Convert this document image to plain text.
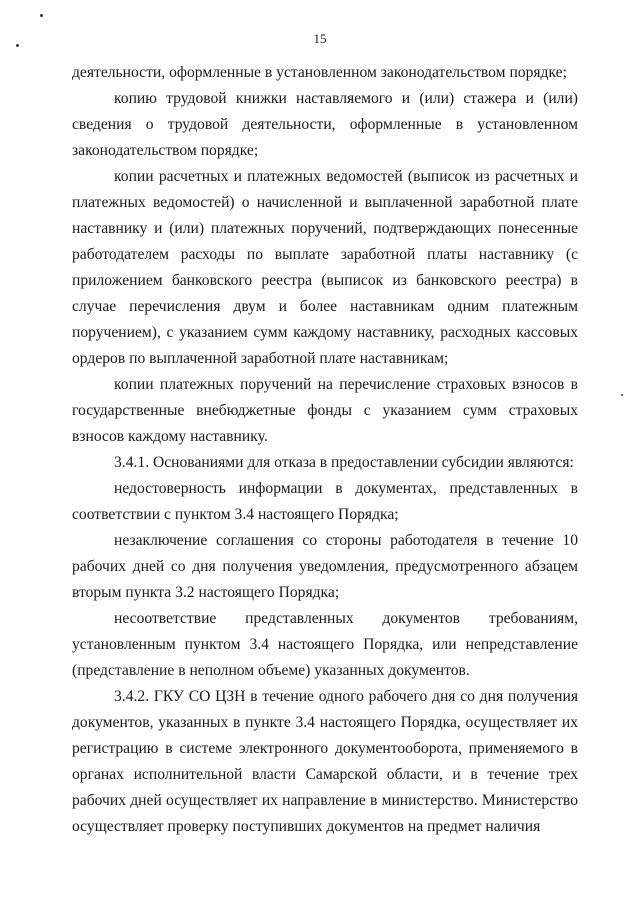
15

деятельности, оформленные в установленном законодательством порядке;

копию трудовой книжки наставляемого и (или) стажера и (или) сведения о трудовой деятельности, оформленные в установленном законодательством порядке;

копии расчетных и платежных ведомостей (выписок из расчетных и платежных ведомостей) о начисленной и выплаченной заработной плате наставнику и (или) платежных поручений, подтверждающих понесенные работодателем расходы по выплате заработной платы наставнику (с приложением банковского реестра (выписок из банковского реестра) в случае перечисления двум и более наставникам одним платежным поручением), с указанием сумм каждому наставнику, расходных кассовых ордеров по выплаченной заработной плате наставникам;

копии платежных поручений на перечисление страховых взносов в государственные внебюджетные фонды с указанием сумм страховых взносов каждому наставнику.

3.4.1. Основаниями для отказа в предоставлении субсидии являются:

недостоверность информации в документах, представленных в соответствии с пунктом 3.4 настоящего Порядка;

незаключение соглашения со стороны работодателя в течение 10 рабочих дней со дня получения уведомления, предусмотренного абзацем вторым пункта 3.2 настоящего Порядка;

несоответствие представленных документов требованиям, установленным пунктом 3.4 настоящего Порядка, или непредставление (представление в неполном объеме) указанных документов.

3.4.2. ГКУ СО ЦЗН в течение одного рабочего дня со дня получения документов, указанных в пункте 3.4 настоящего Порядка, осуществляет их регистрацию в системе электронного документооборота, применяемого в органах исполнительной власти Самарской области, и в течение трех рабочих дней осуществляет их направление в министерство. Министерство осуществляет проверку поступивших документов на предмет наличия
